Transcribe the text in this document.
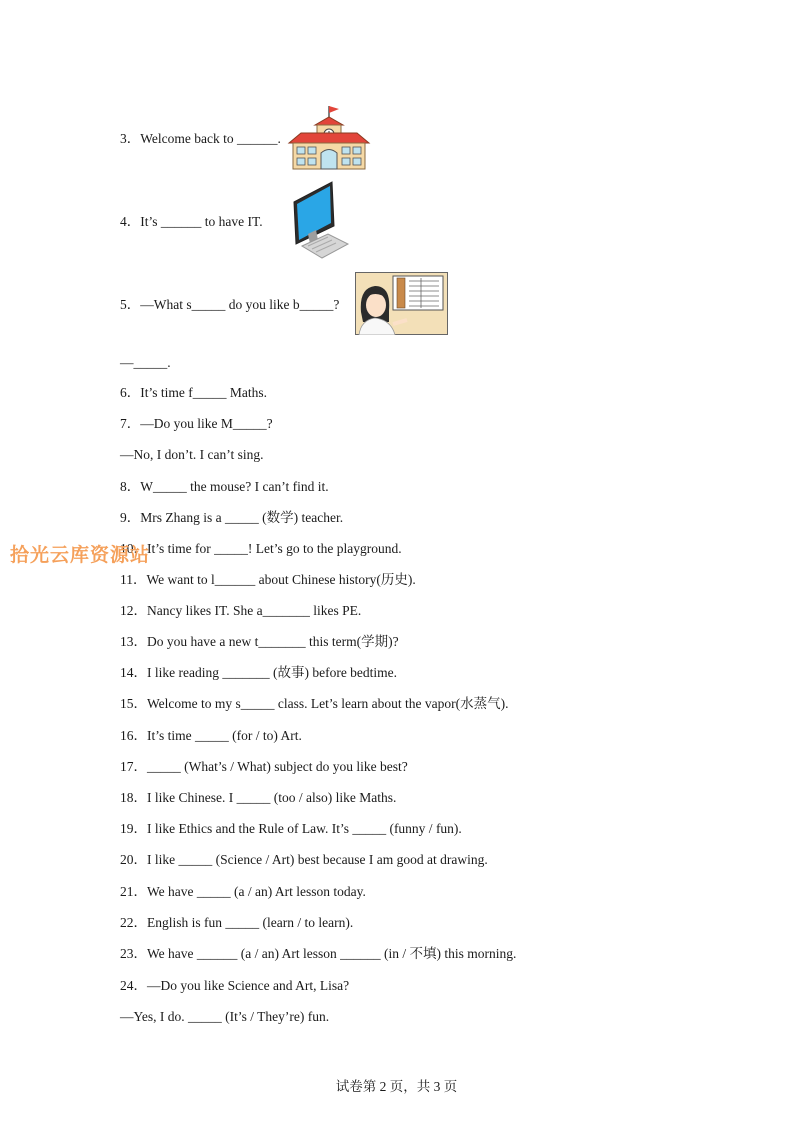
3．Welcome back to ______.
4．It’s ______ to have IT.
5．—What s_____ do you like b_____?
—_____.
6．It’s time f_____ Maths.
7．—Do you like M_____?
—No, I don’t. I can’t sing.
8．W_____ the mouse? I can’t find it.
9．Mrs Zhang is a _____ (数学) teacher.
10．It’s time for _____! Let’s go to the playground.
11．We want to l______ about Chinese history(历史).
12．Nancy likes IT. She a_______ likes PE.
13．Do you have a new t_______ this term(学期)?
14．I like reading _______ (故事) before bedtime.
15．Welcome to my s_____ class. Let’s learn about the vapor(水蒸气).
16．It’s time _____ (for / to) Art.
17．_____ (What’s / What) subject do you like best?
18．I like Chinese. I _____ (too / also) like Maths.
19．I like Ethics and the Rule of Law. It’s _____ (funny / fun).
20．I like _____ (Science / Art) best because I am good at drawing.
21．We have _____ (a / an) Art lesson today.
22．English is fun _____ (learn / to learn).
23．We have ______ (a / an) Art lesson ______ (in / 不填) this morning.
24．—Do you like Science and Art, Lisa?
—Yes, I do. _____ (It’s / They’re) fun.
拾光云库资源站
试卷第 2 页，共 3 页
